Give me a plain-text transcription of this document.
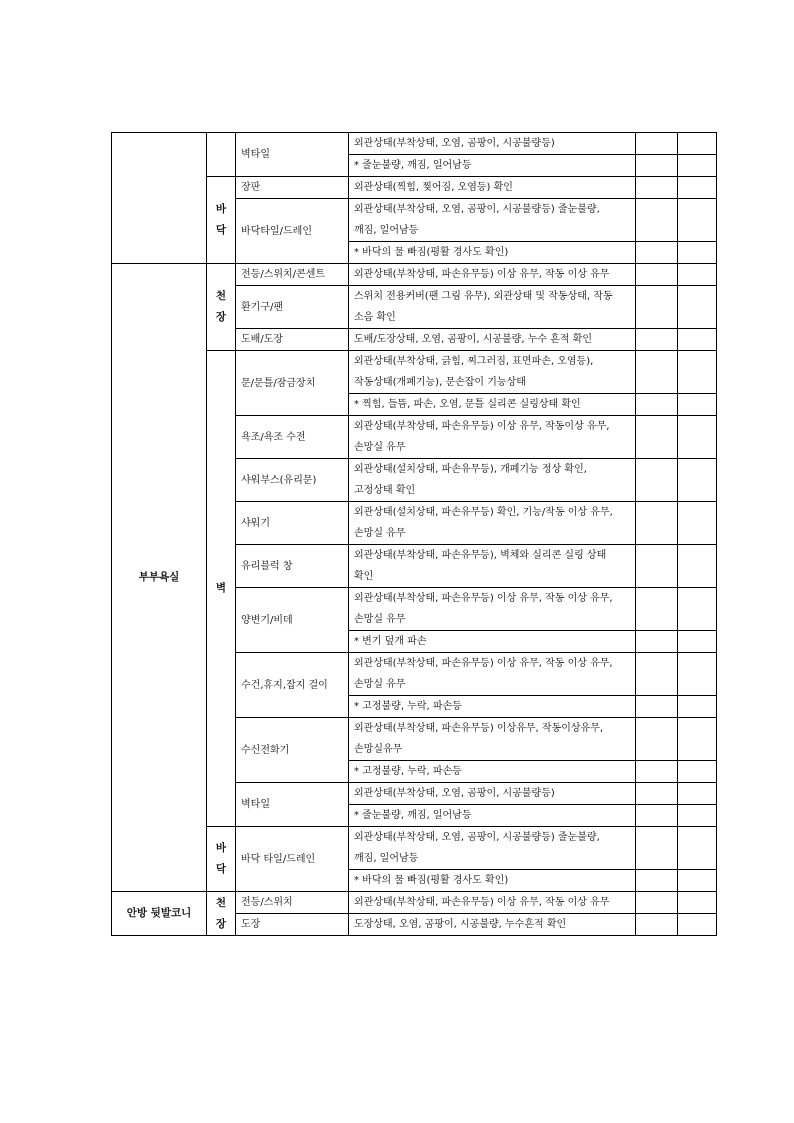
		벽타일	외관상태(부착상태, 오염, 곰팡이, 시공불량등)		
			* 줄눈불량, 깨짐, 일어남등		
	바닥	장판	외관상태(찍힘, 찢어짐, 오염등) 확인		
		바닥타일/드레인	외관상태(부착상태, 오염, 곰팡이, 시공불량등) 줄눈불량,
깨짐, 일어남등		
			* 바닥의 물 빠짐(평활 경사도 확인)		
부부욕실	천장	전등/스위치/콘센트	외관상태(부착상태, 파손유무등) 이상 유무, 작동 이상 유무		
		환기구/팬	스위치 전용커버(팬 그림 유무), 외관상태 및 작동상태, 작동
소음 확인		
		도배/도장	도배/도장상태, 오염, 곰팡이, 시공불량, 누수 흔적 확인		
	벽	문/문틀/잠금장치	외관상태(부착상태, 긁힘, 찌그러짐, 표면파손, 오염등),
작동상태(개폐기능), 문손잡이 기능상태		
			* 찍힘, 들뜸, 파손, 오염, 문틀 실리콘 실링상태 확인		
		욕조/욕조 수전	외관상태(부착상태, 파손유무등) 이상 유무, 작동이상 유무,
손망실 유무		
		샤워부스(유리문)	외관상태(설치상태, 파손유무등), 개폐기능 정상 확인,
고정상태 확인		
		샤워기	외관상태(설치상태, 파손유무등) 확인, 기능/작동 이상 유무,
손망실 유무		
		유리블럭 창	외관상태(부착상태, 파손유무등), 벽체와 실리콘 실링 상태
확인		
		양변기/비데	외관상태(부착상태, 파손유무등) 이상 유무, 작동 이상 유무,
손망실 유무		
			* 변기 덮개 파손		
		수건,휴지,잡지 걸이	외관상태(부착상태, 파손유무등) 이상 유무, 작동 이상 유무,
손망실 유무		
			* 고정불량, 누락, 파손등		
		수신전화기	외관상태(부착상태, 파손유무등) 이상유무, 작동이상유무,
손망실유무		
			* 고정불량, 누락, 파손등		
		벽타일	외관상태(부착상태, 오염, 곰팡이, 시공불량등)		
			* 줄눈불량, 깨짐, 일어남등		
	바닥	바닥 타일/드레인	외관상태(부착상태, 오염, 곰팡이, 시공불량등) 줄눈불량,
깨짐, 일어남등		
			* 바닥의 물 빠짐(평활 경사도 확인)		
안방 뒷발코니	천장	전등/스위치	외관상태(부착상태, 파손유무등) 이상 유무, 작동 이상 유무		
		도장	도장상태, 오염, 곰팡이, 시공불량, 누수흔적 확인		
